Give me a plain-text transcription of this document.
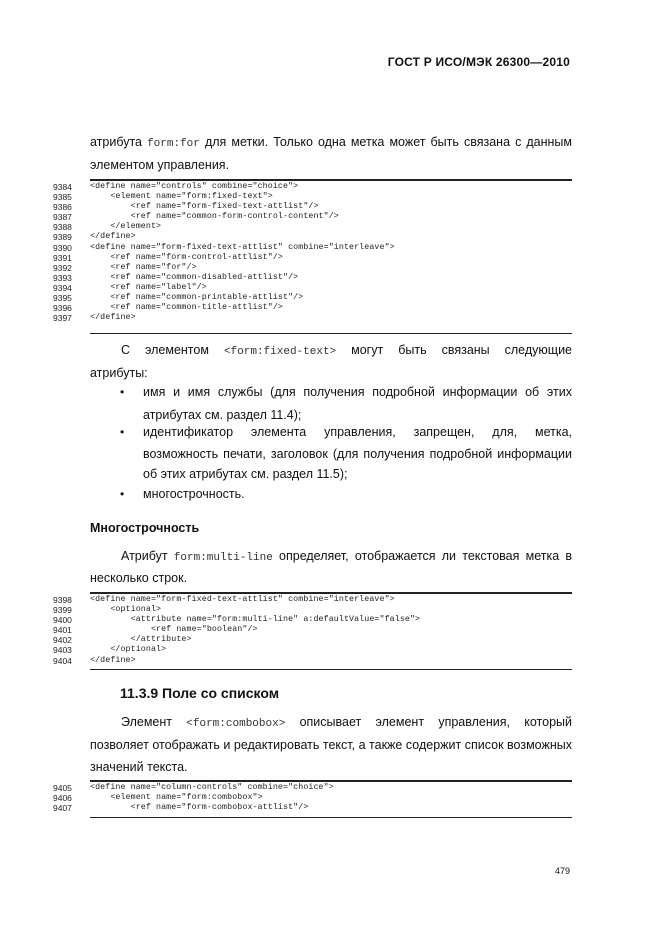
ГОСТ Р ИСО/МЭК 26300—2010
атрибута form:for для метки. Только одна метка может быть связана с данным
элементом управления.
9384	<define name="controls" combine="choice">
9385	<element name="form:fixed-text">
9386	<ref name="form-fixed-text-attlist"/>
9387	<ref name="common-form-control-content"/>
9388	</element>
9389	</define>
9390	<define name="form-fixed-text-attlist" combine="interleave">
9391	<ref name="form-control-attlist"/>
9392	<ref name="for"/>
9393	<ref name="common-disabled-attlist"/>
9394	<ref name="label"/>
9395	<ref name="common-printable-attlist"/>
9396	<ref name="common-title-attlist"/>
9397	</define>
С элементом <form:fixed-text> могут быть связаны следующие
атрибуты:
• имя и имя службы (для получения подробной информации об этих
атрибутах см. раздел 11.4);
• идентификатор элемента управления, запрещен, для, метка,
возможность печати, заголовок (для получения подробной информации
об этих атрибутах см. раздел 11.5);
• многострочность.
Многострочность
Атрибут form:multi-line определяет, отображается ли текстовая метка в
несколько строк.
9398	<define name="form-fixed-text-attlist" combine="interleave">
9399	<optional>
9400	<attribute name="form:multi-line" a:defaultValue="false">
9401	<ref name="boolean"/>
9402	</attribute>
9403	</optional>
9404	</define>
11.3.9 Поле со списком
Элемент <form:combobox> описывает элемент управления, который
позволяет отображать и редактировать текст, а также содержит список возможных
значений текста.
9405	<define name="column-controls" combine="choice">
9406	<element name="form:combobox">
9407	<ref name="form-combobox-attlist"/>
479
